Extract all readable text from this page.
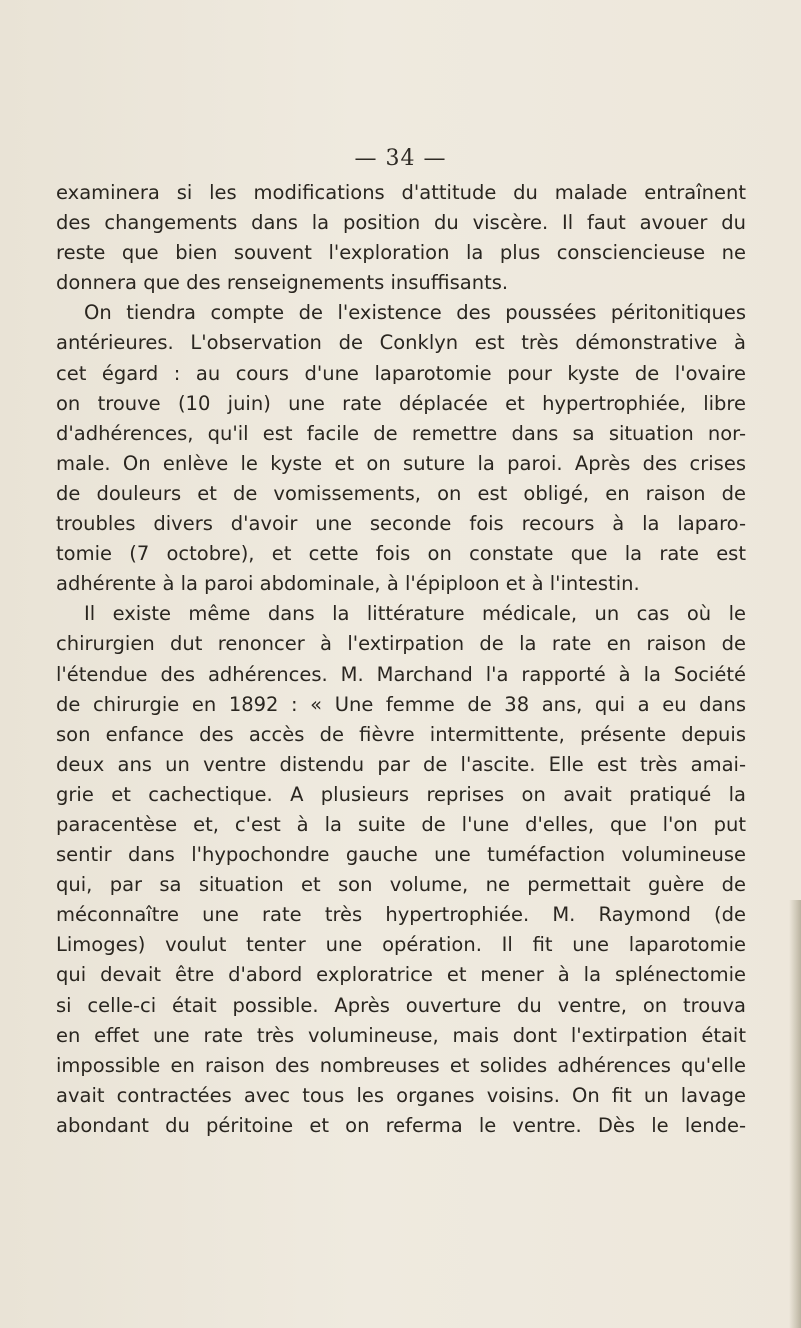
— 34 —
examinera si les modifications d'attitude du malade entraînent
des changements dans la position du viscère. Il faut avouer du
reste que bien souvent l'exploration la plus consciencieuse ne
donnera que des renseignements insuffisants.
On tiendra compte de l'existence des poussées péritonitiques
antérieures. L'observation de Conklyn est très démonstrative à
cet égard : au cours d'une laparotomie pour kyste de l'ovaire
on trouve (10 juin) une rate déplacée et hypertrophiée, libre
d'adhérences, qu'il est facile de remettre dans sa situation nor-
male. On enlève le kyste et on suture la paroi. Après des crises
de douleurs et de vomissements, on est obligé, en raison de
troubles divers d'avoir une seconde fois recours à la laparo-
tomie (7 octobre), et cette fois on constate que la rate est
adhérente à la paroi abdominale, à l'épiploon et à l'intestin.
Il existe même dans la littérature médicale, un cas où le
chirurgien dut renoncer à l'extirpation de la rate en raison de
l'étendue des adhérences. M. Marchand l'a rapporté à la Société
de chirurgie en 1892 : « Une femme de 38 ans, qui a eu dans
son enfance des accès de fièvre intermittente, présente depuis
deux ans un ventre distendu par de l'ascite. Elle est très amai-
grie et cachectique. A plusieurs reprises on avait pratiqué la
paracentèse et, c'est à la suite de l'une d'elles, que l'on put
sentir dans l'hypochondre gauche une tuméfaction volumineuse
qui, par sa situation et son volume, ne permettait guère de
méconnaître une rate très hypertrophiée. M. Raymond (de
Limoges) voulut tenter une opération. Il fit une laparotomie
qui devait être d'abord exploratrice et mener à la splénectomie
si celle-ci était possible. Après ouverture du ventre, on trouva
en effet une rate très volumineuse, mais dont l'extirpation était
impossible en raison des nombreuses et solides adhérences qu'elle
avait contractées avec tous les organes voisins. On fit un lavage
abondant du péritoine et on referma le ventre. Dès le lende-
